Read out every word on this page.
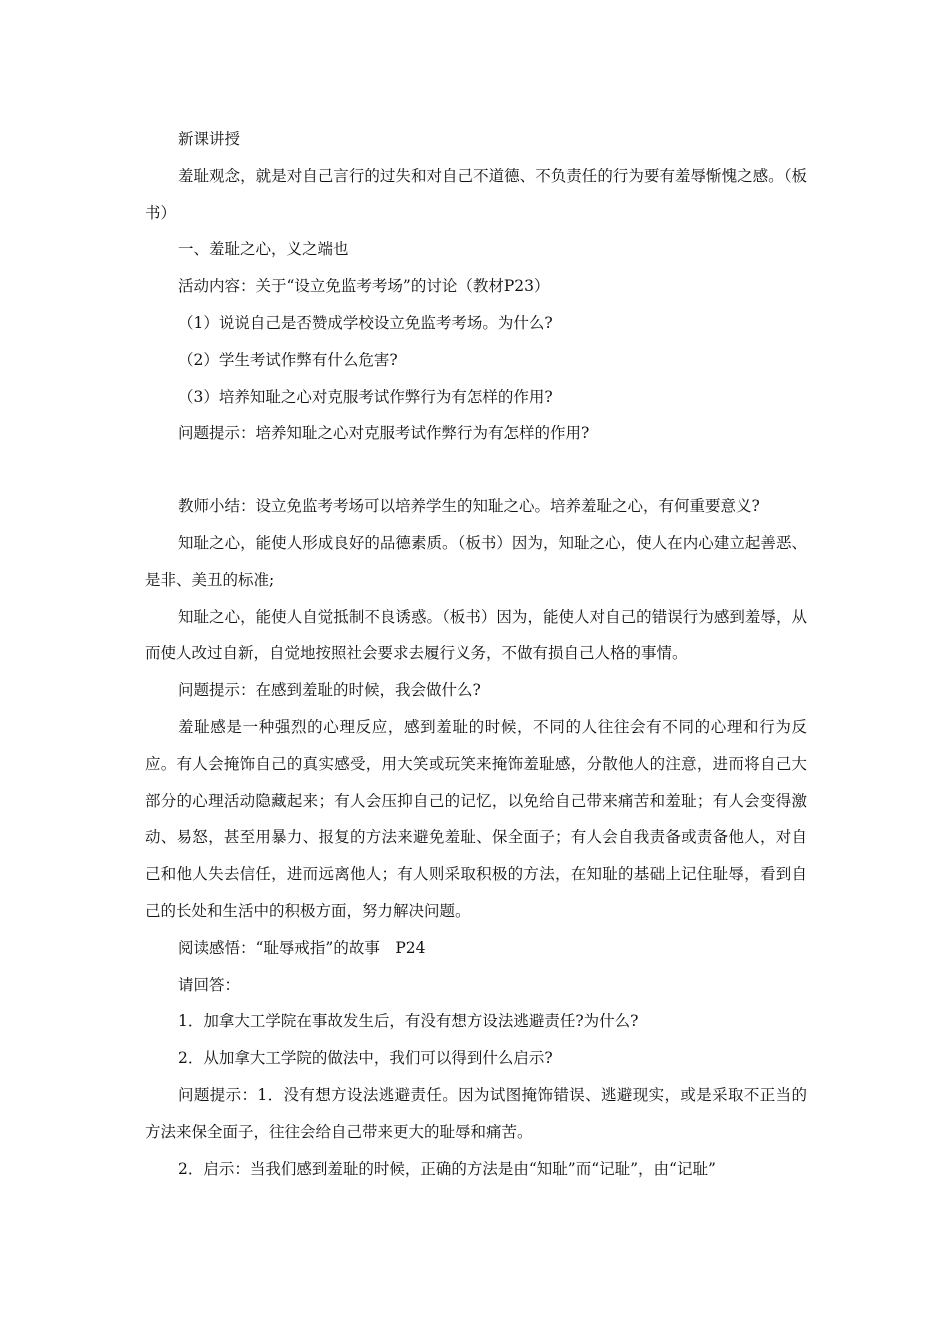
新课讲授

羞耻观念，就是对自己言行的过失和对自己不道德、不负责任的行为要有羞辱惭愧之感。（板书）

一、羞耻之心，义之端也

活动内容：关于“设立免监考考场”的讨论（教材P23）

（1）说说自己是否赞成学校设立免监考考场。为什么?

（2）学生考试作弊有什么危害?

（3）培养知耻之心对克服考试作弊行为有怎样的作用?

问题提示：培养知耻之心对克服考试作弊行为有怎样的作用?

教师小结：设立免监考考场可以培养学生的知耻之心。培养羞耻之心，有何重要意义?

知耻之心，能使人形成良好的品德素质。（板书）因为，知耻之心，使人在内心建立起善恶、是非、美丑的标准;

知耻之心，能使人自觉抵制不良诱惑。（板书）因为，能使人对自己的错误行为感到羞辱，从而使人改过自新，自觉地按照社会要求去履行义务，不做有损自己人格的事情。

问题提示：在感到羞耻的时候，我会做什么?

羞耻感是一种强烈的心理反应，感到羞耻的时候，不同的人往往会有不同的心理和行为反应。有人会掩饰自己的真实感受，用大笑或玩笑来掩饰羞耻感，分散他人的注意，进而将自己大部分的心理活动隐藏起来；有人会压抑自己的记忆，以免给自己带来痛苦和羞耻；有人会变得激动、易怒，甚至用暴力、报复的方法来避免羞耻、保全面子；有人会自我责备或责备他人，对自己和他人失去信任，进而远离他人；有人则采取积极的方法，在知耻的基础上记住耻辱，看到自己的长处和生活中的积极方面，努力解决问题。

阅读感悟：“耻辱戒指”的故事　P24

请回答：

1．加拿大工学院在事故发生后，有没有想方设法逃避责任?为什么?

2．从加拿大工学院的做法中，我们可以得到什么启示?

问题提示：1．没有想方设法逃避责任。因为试图掩饰错误、逃避现实，或是采取不正当的方法来保全面子，往往会给自己带来更大的耻辱和痛苦。

2．启示：当我们感到羞耻的时候，正确的方法是由“知耻”而“记耻”，由“记耻”
